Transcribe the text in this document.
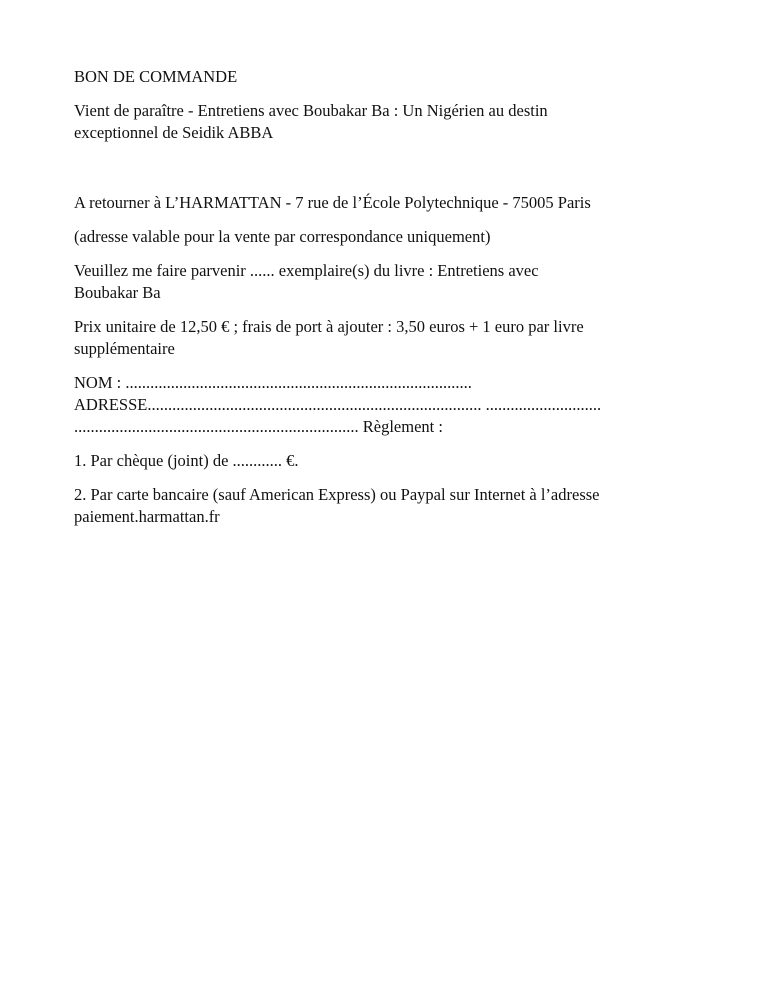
BON DE COMMANDE

Vient de paraître - Entretiens avec Boubakar Ba : Un Nigérien au destin
exceptionnel de Seidik ABBA

A retourner à L’HARMATTAN - 7 rue de l’École Polytechnique - 75005 Paris

(adresse valable pour la vente par correspondance uniquement)

Veuillez me faire parvenir ...... exemplaire(s) du livre : Entretiens avec
Boubakar Ba

Prix unitaire de 12,50 € ; frais de port à ajouter : 3,50 euros + 1 euro par livre
supplémentaire

NOM : ....................................................................................
ADRESSE................................................................................. ............................
..................................................................... Règlement :

1. Par chèque (joint) de ............ €.

2. Par carte bancaire (sauf American Express) ou Paypal sur Internet à l’adresse
paiement.harmattan.fr
